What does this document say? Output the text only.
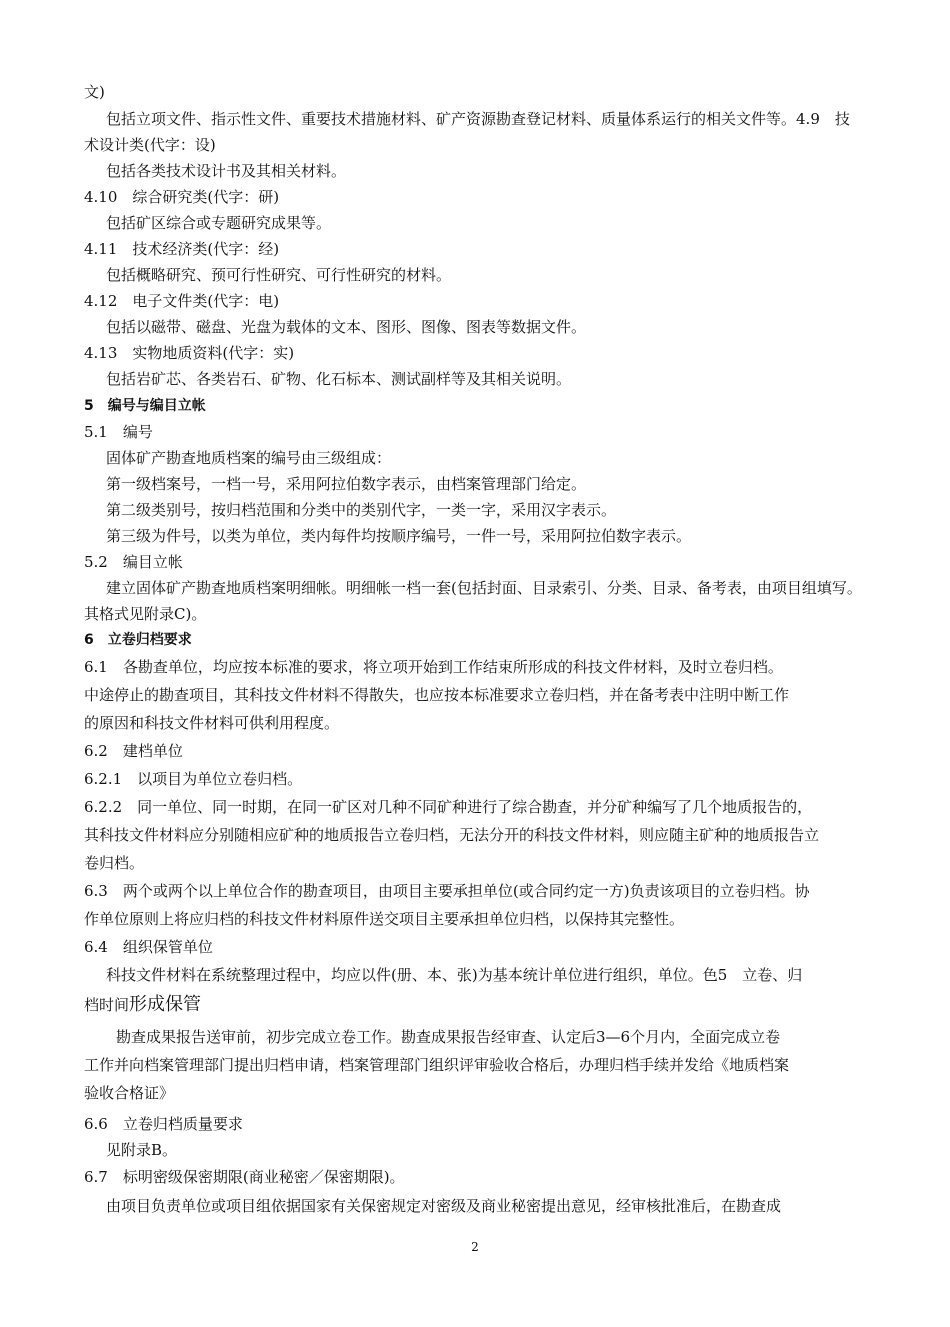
文)
包括立项文件、指示性文件、重要技术措施材料、矿产资源勘查登记材料、质量体系运行的相关文件等。4.9　技
术设计类(代字：设)
包括各类技术设计书及其相关材料。
4.10　综合研究类(代字：研)
包括矿区综合或专题研究成果等。
4.11　技术经济类(代字：经)
包括概略研究、预可行性研究、可行性研究的材料。
4.12　电子文件类(代字：电)
包括以磁带、磁盘、光盘为载体的文本、图形、图像、图表等数据文件。
4.13　实物地质资料(代字：实)
包括岩矿芯、各类岩石、矿物、化石标本、测试副样等及其相关说明。
5　编号与编目立帐
5.1　编号
固体矿产勘查地质档案的编号由三级组成：
第一级档案号，一档一号，采用阿拉伯数字表示，由档案管理部门给定。
第二级类别号，按归档范围和分类中的类别代字，一类一字，采用汉字表示。
第三级为件号，以类为单位，类内每件均按顺序编号，一件一号，采用阿拉伯数字表示。
5.2　编目立帐
建立固体矿产勘查地质档案明细帐。明细帐一档一套(包括封面、目录索引、分类、目录、备考表，由项目组填写。
其格式见附录C)。
6　立卷归档要求
6.1　各勘查单位，均应按本标准的要求，将立项开始到工作结束所形成的科技文件材料，及时立卷归档。
中途停止的勘查项目，其科技文件材料不得散失，也应按本标准要求立卷归档，并在备考表中注明中断工作
的原因和科技文件材料可供利用程度。
6.2　建档单位
6.2.1　以项目为单位立卷归档。
6.2.2　同一单位、同一时期，在同一矿区对几种不同矿种进行了综合勘查，并分矿种编写了几个地质报告的，
其科技文件材料应分别随相应矿种的地质报告立卷归档，无法分开的科技文件材料，则应随主矿种的地质报告立
卷归档。
6.3　两个或两个以上单位合作的勘查项目，由项目主要承担单位(或合同约定一方)负责该项目的立卷归档。协
作单位原则上将应归档的科技文件材料原件送交项目主要承担单位归档，以保持其完整性。
6.4　组织保管单位
科技文件材料在系统整理过程中，均应以件(册、本、张)为基本统计单位进行组织，单位。色5　立卷、归
档时间形成保管
勘查成果报告送审前，初步完成立卷工作。勘查成果报告经审查、认定后3—6个月内，全面完成立卷
工作并向档案管理部门提出归档申请，档案管理部门组织评审验收合格后，办理归档手续并发给《地质档案
验收合格证》
6.6　立卷归档质量要求
见附录B。
6.7　标明密级保密期限(商业秘密／保密期限)。
由项目负责单位或项目组依据国家有关保密规定对密级及商业秘密提出意见，经审核批准后，在勘查成
2
